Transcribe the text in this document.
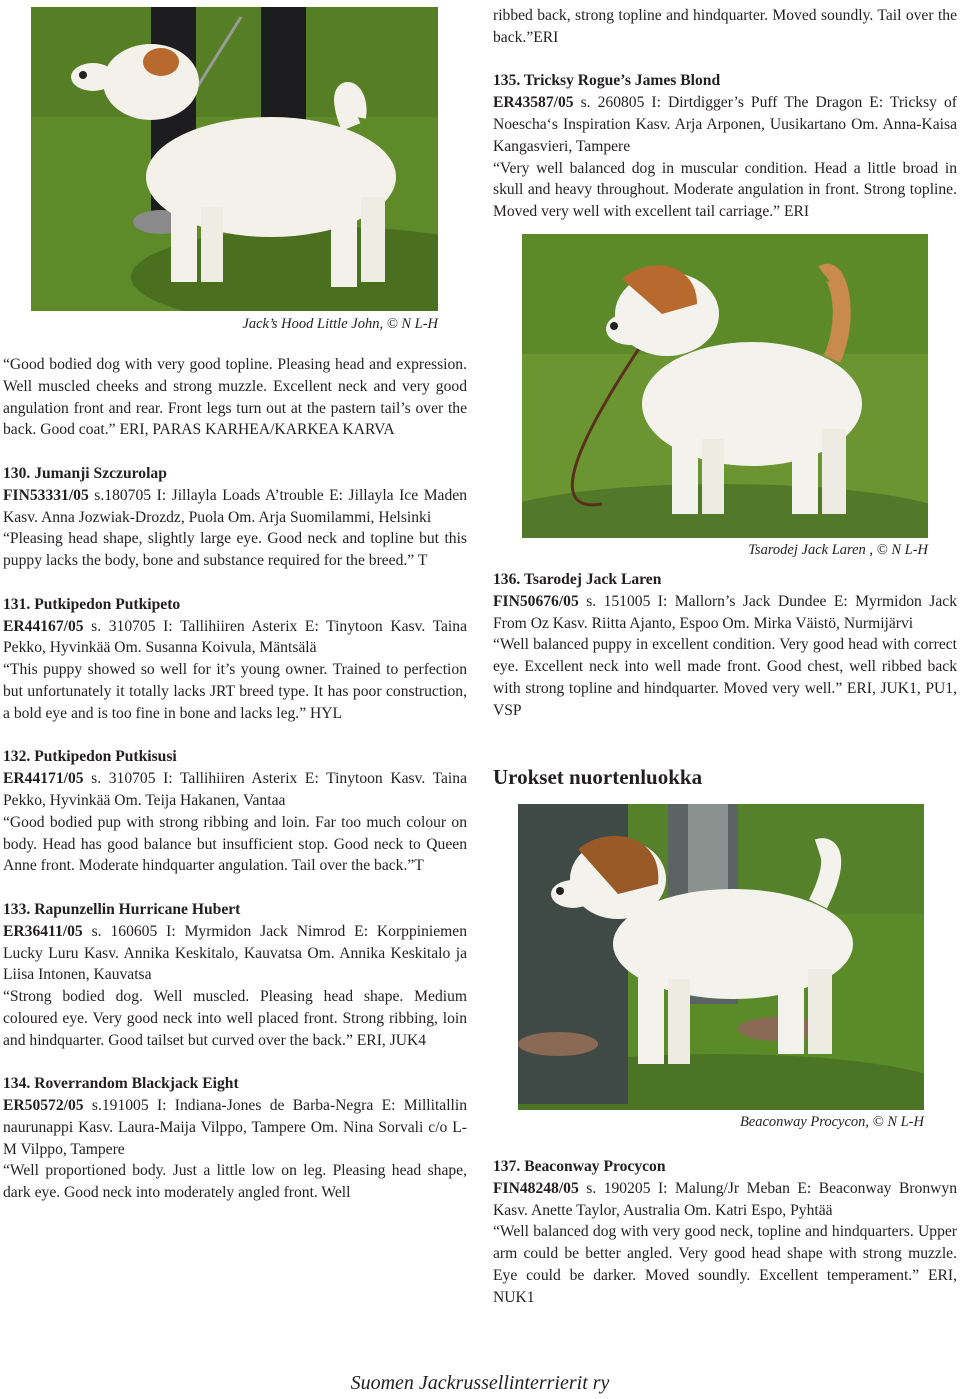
Jack’s Hood Little John, © N L-H
Tsarodej Jack Laren , © N L-H
Beaconway Procycon, © N L-H

“Good bodied dog with very good topline. Pleasing head and expression. Well muscled cheeks and strong muzzle. Excellent neck and very good angulation front and rear. Front legs turn out at the pastern tail’s over the back. Good coat.” ERI, PARAS KARHEA/KARKEA KARVA

130. Jumanji Szczurolap

FIN53331/05 s.180705 I: Jillayla Loads A’trouble E: Jillayla Ice Maden Kasv. Anna Jozwiak-Drozdz, Puola Om. Arja Suomilammi, Helsinki

“Pleasing head shape, slightly large eye. Good neck and topline but this puppy lacks the body, bone and substance required for the breed.” T

131. Putkipedon Putkipeto

ER44167/05 s. 310705 I: Tallihiiren Asterix E: Tinytoon Kasv. Taina Pekko, Hyvinkää Om. Susanna Koivula, Mäntsälä

“This puppy showed so well for it’s young owner. Trained to perfection but unfortunately it totally lacks JRT breed type. It has poor construction, a bold eye and is too fine in bone and lacks leg.” HYL

132. Putkipedon Putkisusi

ER44171/05 s. 310705 I: Tallihiiren Asterix E: Tinytoon Kasv. Taina Pekko, Hyvinkää Om. Teija Hakanen, Vantaa

“Good bodied pup with strong ribbing and loin. Far too much colour on body. Head has good balance but insufficient stop. Good neck to Queen Anne front. Moderate hindquarter angulation. Tail over the back.”T

133. Rapunzellin Hurricane Hubert

ER36411/05 s. 160605 I: Myrmidon Jack Nimrod E: Korppiniemen Lucky Luru Kasv. Annika Keskitalo, Kauvatsa Om. Annika Keskitalo ja Liisa Intonen, Kauvatsa

“Strong bodied dog. Well muscled. Pleasing head shape. Medium coloured eye. Very good neck into well placed front. Strong ribbing, loin and hindquarter. Good tailset but curved over the back.” ERI, JUK4

134. Roverrandom Blackjack Eight

ER50572/05 s.191005 I: Indiana-Jones de Barba-Negra E: Millitallin naurunappi Kasv. Laura-Maija Vilppo, Tampere Om. Nina Sorvali c/o L-M Vilppo, Tampere

“Well proportioned body. Just a little low on leg. Pleasing head shape, dark eye. Good neck into moderately angled front. Well

ribbed back, strong topline and hindquarter. Moved soundly. Tail over the back.”ERI

135. Tricksy Rogue’s James Blond

ER43587/05 s. 260805 I: Dirtdigger’s Puff The Dragon E: Tricksy of Noescha‘s Inspiration Kasv. Arja Arponen, Uusikartano Om. Anna-Kaisa Kangasvieri, Tampere

“Very well balanced dog in muscular condition. Head a little broad in skull and heavy throughout. Moderate angulation in front. Strong topline. Moved very well with excellent tail carriage.” ERI

136. Tsarodej Jack Laren

FIN50676/05 s. 151005 I: Mallorn’s Jack Dundee E: Myrmidon Jack From Oz Kasv. Riitta Ajanto, Espoo Om. Mirka Väistö, Nurmijärvi

“Well balanced puppy in excellent condition. Very good head with correct eye. Excellent neck into well made front. Good chest, well ribbed back with strong topline and hindquarter. Moved very well.” ERI, JUK1, PU1, VSP

Urokset nuortenluokka

137. Beaconway Procycon

FIN48248/05 s. 190205 I: Malung/Jr Meban E: Beaconway Bronwyn Kasv. Anette Taylor, Australia Om. Katri Espo, Pyhtää

“Well balanced dog with very good neck, topline and hindquarters. Upper arm could be better angled. Very good head shape with strong muzzle. Eye could be darker. Moved soundly. Excellent temperament.” ERI, NUK1

Suomen Jackrussellinterrierit ry
